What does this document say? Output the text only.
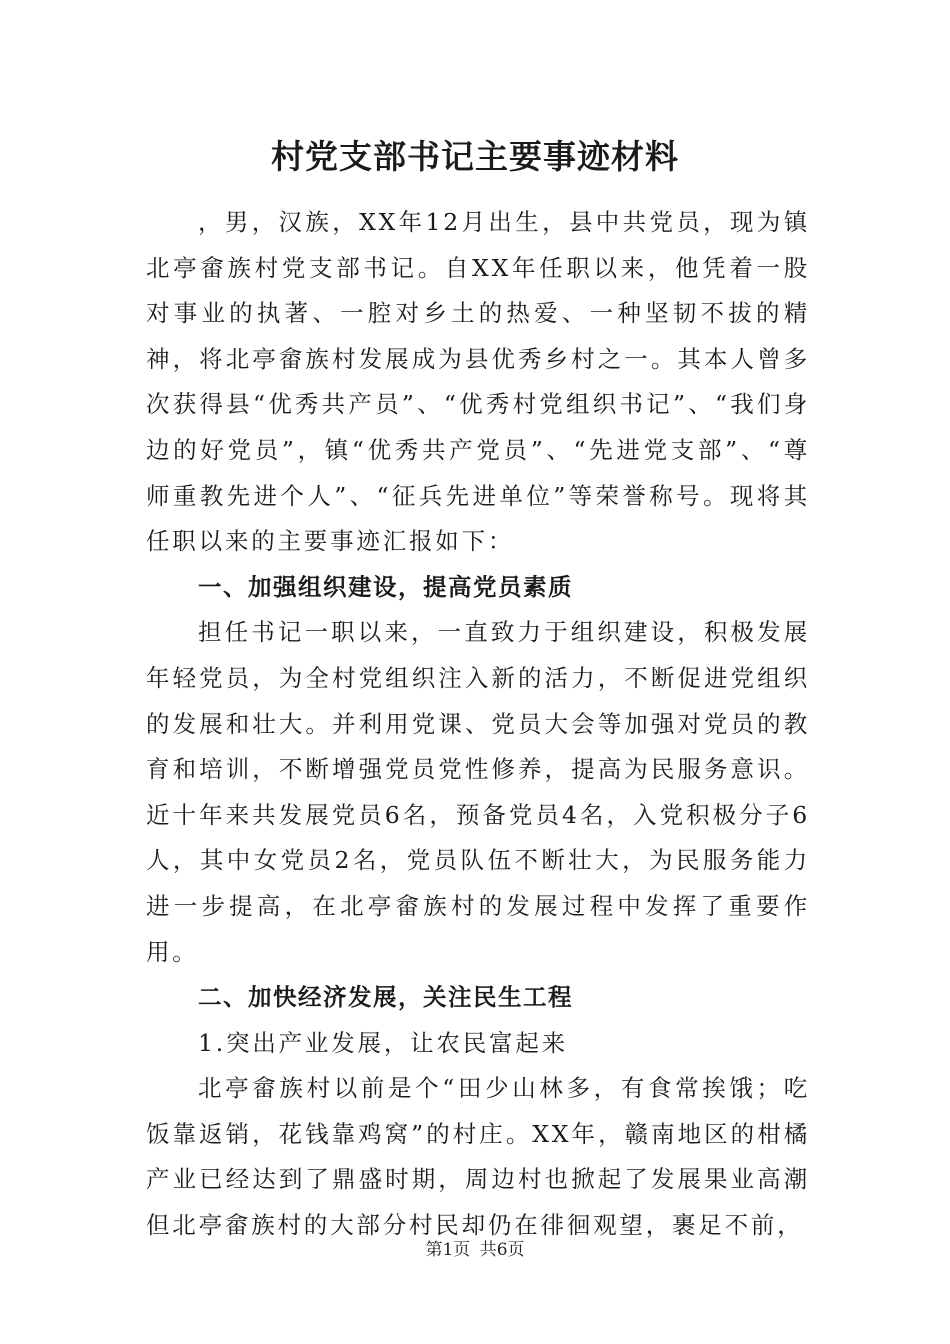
村党支部书记主要事迹材料

，男，汉族，XX年12月出生，县中共党员，现为镇北亭畲族村党支部书记。自XX年任职以来，他凭着一股对事业的执著、一腔对乡土的热爱、一种坚韧不拔的精神，将北亭畲族村发展成为县优秀乡村之一。其本人曾多次获得县“优秀共产员”、“优秀村党组织书记”、“我们身边的好党员”，镇“优秀共产党员”、“先进党支部”、“尊师重教先进个人”、“征兵先进单位”等荣誉称号。现将其任职以来的主要事迹汇报如下：

一、加强组织建设，提高党员素质

担任书记一职以来，一直致力于组织建设，积极发展年轻党员，为全村党组织注入新的活力，不断促进党组织的发展和壮大。并利用党课、党员大会等加强对党员的教育和培训，不断增强党员党性修养，提高为民服务意识。近十年来共发展党员6名，预备党员4名，入党积极分子6人，其中女党员2名，党员队伍不断壮大，为民服务能力进一步提高，在北亭畲族村的发展过程中发挥了重要作用。

二、加快经济发展，关注民生工程

1.突出产业发展，让农民富起来

北亭畲族村以前是个“田少山林多，有食常挨饿；吃饭靠返销，花钱靠鸡窝”的村庄。XX年，赣南地区的柑橘产业已经达到了鼎盛时期，周边村也掀起了发展果业高潮但北亭畲族村的大部分村民却仍在徘徊观望，裹足不前，

第1页 共6页
